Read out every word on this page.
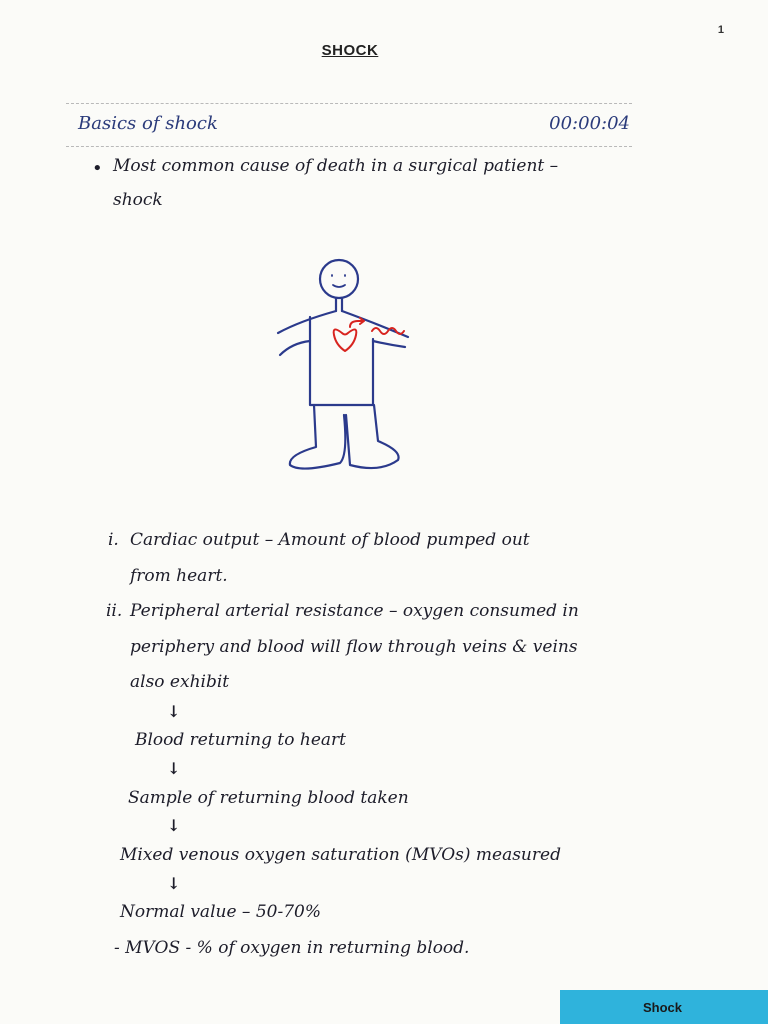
1
SHOCK
Basics of shock	00:00:04
• Most common cause of death in a surgical patient –
shock
i. Cardiac output – Amount of blood pumped out
from heart.
ii. Peripheral arterial resistance – oxygen consumed in
periphery and blood will flow through veins & veins
also exhibit
↓
Blood returning to heart
↓
Sample of returning blood taken
↓
Mixed venous oxygen saturation (MVOs) measured
↓
Normal value – 50-70%
- MVOS - % of oxygen in returning blood.
Shock
